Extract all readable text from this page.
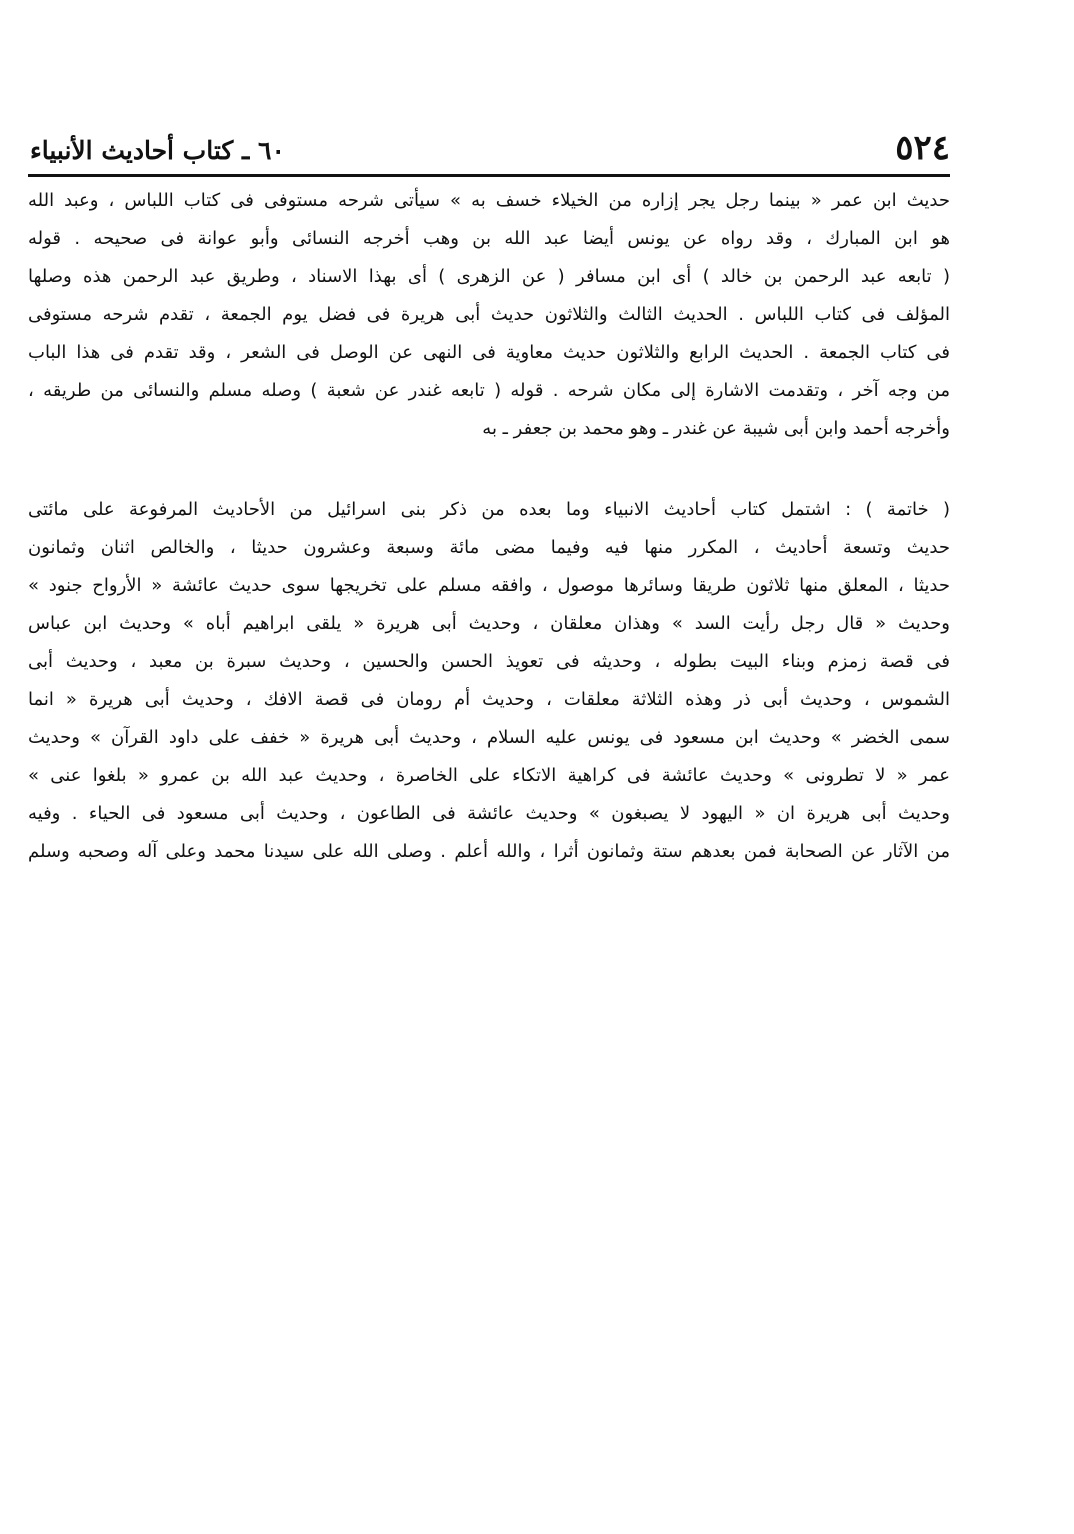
٥٢٤
٦٠ ـ كتاب أحاديث الأنبياء
حديث ابن عمر « بينما رجل يجر إزاره من الخيلاء خسف به » سيأتى شرحه مستوفى فى كتاب اللباس ، وعبد الله
هو ابن المبارك ، وقد رواه عن يونس أيضا عبد الله بن وهب أخرجه النسائى وأبو عوانة فى صحيحه . قوله
( تابعه عبد الرحمن بن خالد ) أى ابن مسافر ( عن الزهرى ) أى بهذا الاسناد ، وطريق عبد الرحمن هذه وصلها
المؤلف فى كتاب اللباس . الحديث الثالث والثلاثون حديث أبى هريرة فى فضل يوم الجمعة ، تقدم شرحه مستوفى
فى كتاب الجمعة . الحديث الرابع والثلاثون حديث معاوية فى النهى عن الوصل فى الشعر ، وقد تقدم فى هذا الباب
من وجه آخر ، وتقدمت الاشارة إلى مكان شرحه . قوله ( تابعه غندر عن شعبة ) وصله مسلم والنسائى من طريقه ،
وأخرجه أحمد وابن أبى شيبة عن غندر ـ وهو محمد بن جعفر ـ به
( خاتمة ) : اشتمل كتاب أحاديث الانبياء وما بعده من ذكر بنى اسرائيل من الأحاديث المرفوعة على مائتى
حديث وتسعة أحاديث ، المكرر منها فيه وفيما مضى مائة وسبعة وعشرون حديثا ، والخالص اثنان وثمانون
حديثا ، المعلق منها ثلاثون طريقا وسائرها موصول ، وافقه مسلم على تخريجها سوى حديث عائشة « الأرواح جنود »
وحديث « قال رجل رأيت السد » وهذان معلقان ، وحديث أبى هريرة « يلقى ابراهيم أباه » وحديث ابن عباس
فى قصة زمزم وبناء البيت بطوله ، وحديثه فى تعويذ الحسن والحسين ، وحديث سبرة بن معبد ، وحديث أبى
الشموس ، وحديث أبى ذر وهذه الثلاثة معلقات ، وحديث أم رومان فى قصة الافك ، وحديث أبى هريرة « انما
سمى الخضر » وحديث ابن مسعود فى يونس عليه السلام ، وحديث أبى هريرة « خفف على داود القرآن » وحديث
عمر « لا تطرونى » وحديث عائشة فى كراهية الاتكاء على الخاصرة ، وحديث عبد الله بن عمرو « بلغوا عنى »
وحديث أبى هريرة ان « اليهود لا يصبغون » وحديث عائشة فى الطاعون ، وحديث أبى مسعود فى الحياء . وفيه
من الآثار عن الصحابة فمن بعدهم ستة وثمانون أثرا ، والله أعلم . وصلى الله على سيدنا محمد وعلى آله وصحبه وسلم
